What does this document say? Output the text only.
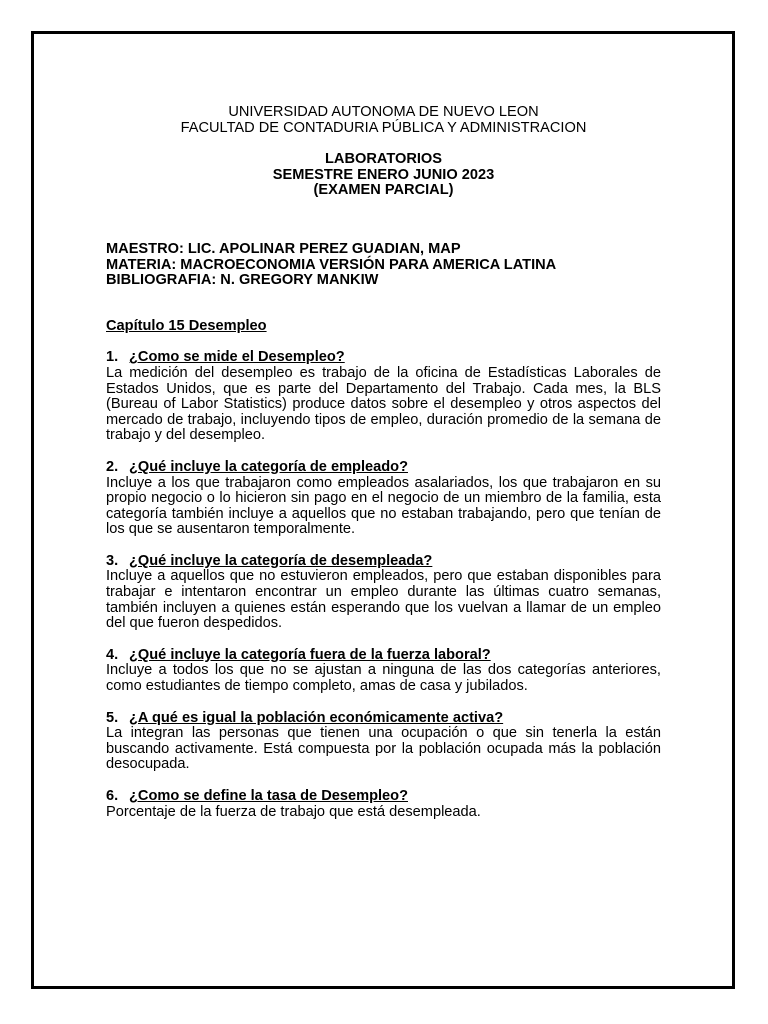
UNIVERSIDAD AUTONOMA DE NUEVO LEON
FACULTAD DE CONTADURIA PÚBLICA Y ADMINISTRACION
LABORATORIOS
SEMESTRE ENERO JUNIO 2023
(EXAMEN PARCIAL)
MAESTRO: LIC. APOLINAR PEREZ GUADIAN, MAP
MATERIA: MACROECONOMIA VERSIÓN PARA AMERICA LATINA
BIBLIOGRAFIA: N. GREGORY MANKIW
Capítulo 15 Desempleo
1. ¿Como se mide el Desempleo?
La medición del desempleo es trabajo de la oficina de Estadísticas Laborales de Estados Unidos, que es parte del Departamento del Trabajo. Cada mes, la BLS (Bureau of Labor Statistics) produce datos sobre el desempleo y otros aspectos del mercado de trabajo, incluyendo tipos de empleo, duración promedio de la semana de trabajo y del desempleo.
2. ¿Qué incluye la categoría de empleado?
Incluye a los que trabajaron como empleados asalariados, los que trabajaron en su propio negocio o lo hicieron sin pago en el negocio de un miembro de la familia, esta categoría también incluye a aquellos que no estaban trabajando, pero que tenían de los que se ausentaron temporalmente.
3. ¿Qué incluye la categoría de desempleada?
Incluye a aquellos que no estuvieron empleados, pero que estaban disponibles para trabajar e intentaron encontrar un empleo durante las últimas cuatro semanas, también incluyen a quienes están esperando que los vuelvan a llamar de un empleo del que fueron despedidos.
4. ¿Qué incluye la categoría fuera de la fuerza laboral?
Incluye a todos los que no se ajustan a ninguna de las dos categorías anteriores, como estudiantes de tiempo completo, amas de casa y jubilados.
5. ¿A qué es igual la población económicamente activa?
La integran las personas que tienen una ocupación o que sin tenerla la están buscando activamente. Está compuesta por la población ocupada más la población desocupada.
6. ¿Como se define la tasa de Desempleo?
Porcentaje de la fuerza de trabajo que está desempleada.
